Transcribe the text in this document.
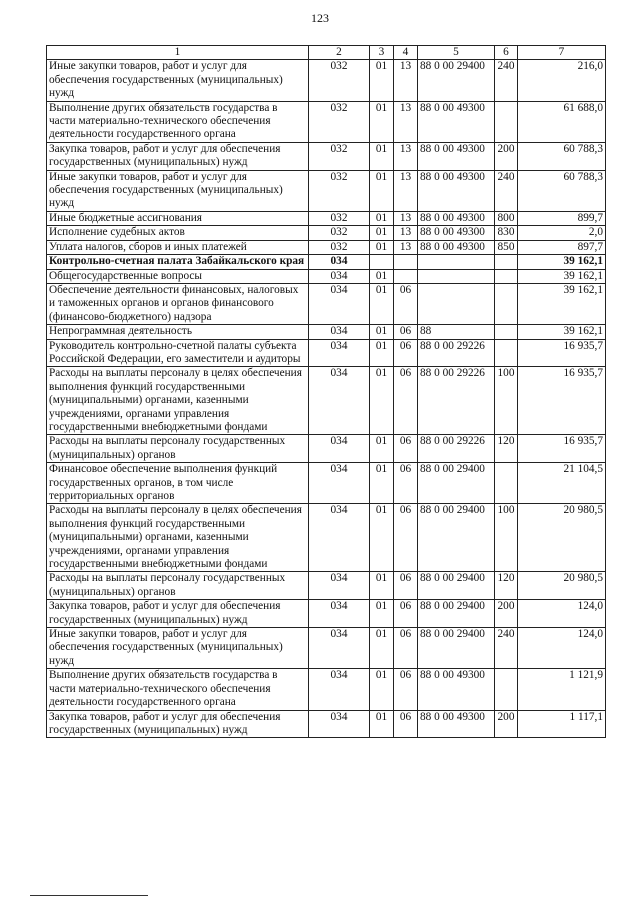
123
1	2	3	4	5	6	7
Иные закупки товаров, работ и услуг для обеспечения государственных (муниципальных) нужд	032	01	13	88 0 00 29400	240	216,0
Выполнение других обязательств государства в части материально-технического обеспечения деятельности государственного органа	032	01	13	88 0 00 49300		61 688,0
Закупка товаров, работ и услуг для обеспечения государственных (муниципальных) нужд	032	01	13	88 0 00 49300	200	60 788,3
Иные закупки товаров, работ и услуг для обеспечения государственных (муниципальных) нужд	032	01	13	88 0 00 49300	240	60 788,3
Иные бюджетные ассигнования	032	01	13	88 0 00 49300	800	899,7
Исполнение судебных актов	032	01	13	88 0 00 49300	830	2,0
Уплата налогов, сборов и иных платежей	032	01	13	88 0 00 49300	850	897,7
Контрольно-счетная палата Забайкальского края	034					39 162,1
Общегосударственные вопросы	034	01				39 162,1
Обеспечение деятельности финансовых, налоговых и таможенных органов и органов финансового (финансово-бюджетного) надзора	034	01	06			39 162,1
Непрограммная деятельность	034	01	06	88		39 162,1
Руководитель контрольно-счетной палаты субъекта Российской Федерации, его заместители и аудиторы	034	01	06	88 0 00 29226		16 935,7
Расходы на выплаты персоналу в целях обеспечения выполнения функций государственными (муниципальными) органами, казенными учреждениями, органами управления государственными внебюджетными фондами	034	01	06	88 0 00 29226	100	16 935,7
Расходы на выплаты персоналу государственных (муниципальных) органов	034	01	06	88 0 00 29226	120	16 935,7
Финансовое обеспечение выполнения функций государственных органов, в том числе территориальных органов	034	01	06	88 0 00 29400		21 104,5
Расходы на выплаты персоналу в целях обеспечения выполнения функций государственными (муниципальными) органами, казенными учреждениями, органами управления государственными внебюджетными фондами	034	01	06	88 0 00 29400	100	20 980,5
Расходы на выплаты персоналу государственных (муниципальных) органов	034	01	06	88 0 00 29400	120	20 980,5
Закупка товаров, работ и услуг для обеспечения государственных (муниципальных) нужд	034	01	06	88 0 00 29400	200	124,0
Иные закупки товаров, работ и услуг для обеспечения государственных (муниципальных) нужд	034	01	06	88 0 00 29400	240	124,0
Выполнение других обязательств государства в части материально-технического обеспечения деятельности государственного органа	034	01	06	88 0 00 49300		1 121,9
Закупка товаров, работ и услуг для обеспечения государственных (муниципальных) нужд	034	01	06	88 0 00 49300	200	1 117,1
